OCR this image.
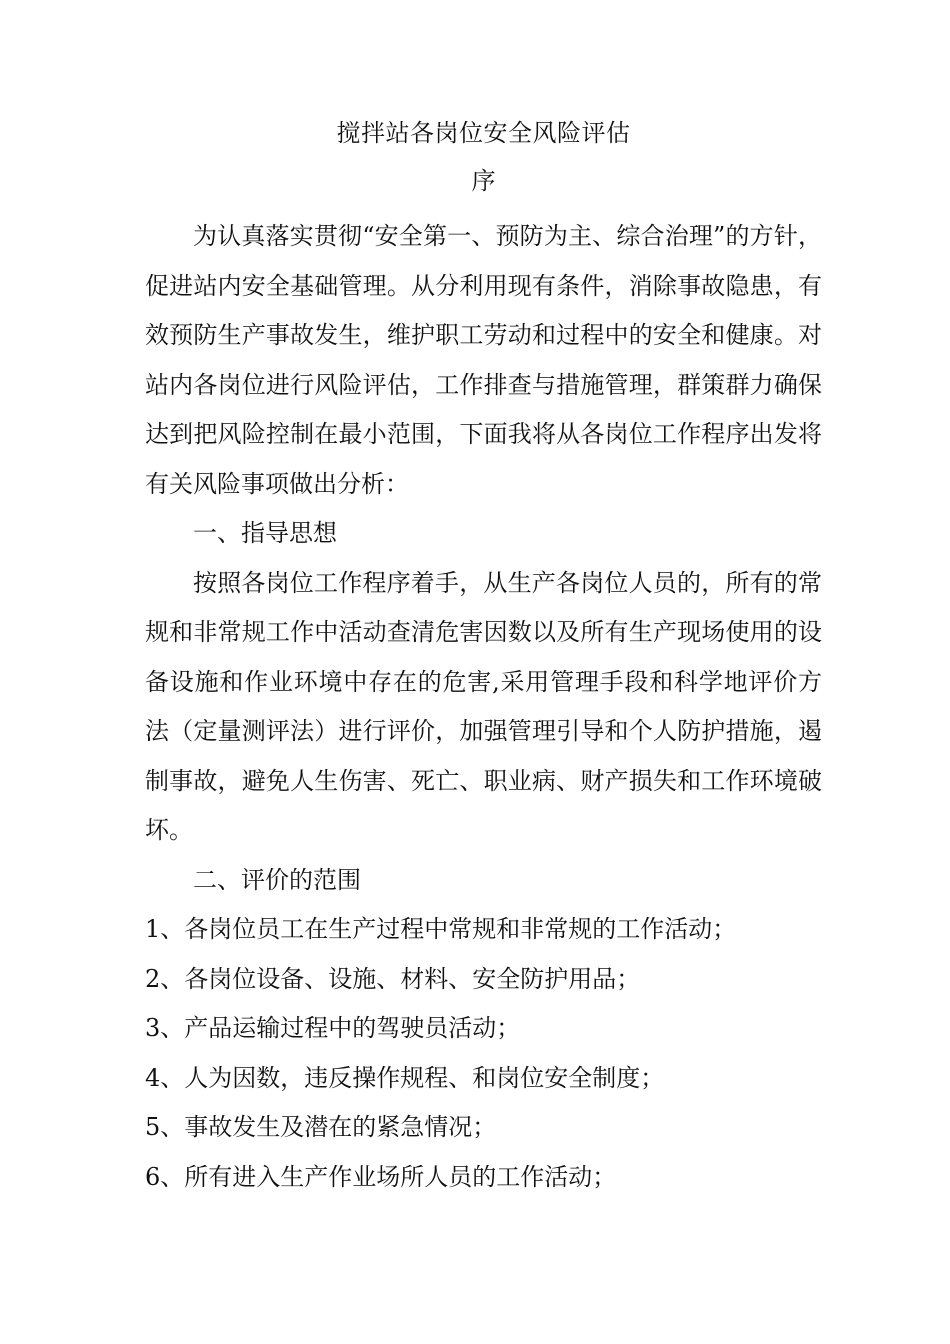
搅拌站各岗位安全风险评估
序

为认真落实贯彻“安全第一、预防为主、综合治理”的方针，促进站内安全基础管理。从分利用现有条件，消除事故隐患，有效预防生产事故发生，维护职工劳动和过程中的安全和健康。对站内各岗位进行风险评估，工作排查与措施管理，群策群力确保达到把风险控制在最小范围，下面我将从各岗位工作程序出发将有关风险事项做出分析：

一、指导思想

按照各岗位工作程序着手，从生产各岗位人员的，所有的常规和非常规工作中活动查清危害因数以及所有生产现场使用的设备设施和作业环境中存在的危害,采用管理手段和科学地评价方法（定量测评法）进行评价，加强管理引导和个人防护措施，遏制事故，避免人生伤害、死亡、职业病、财产损失和工作环境破坏。

二、评价的范围
1、各岗位员工在生产过程中常规和非常规的工作活动；
2、各岗位设备、设施、材料、安全防护用品；
3、产品运输过程中的驾驶员活动；
4、人为因数，违反操作规程、和岗位安全制度；
5、事故发生及潜在的紧急情况；
6、所有进入生产作业场所人员的工作活动；
